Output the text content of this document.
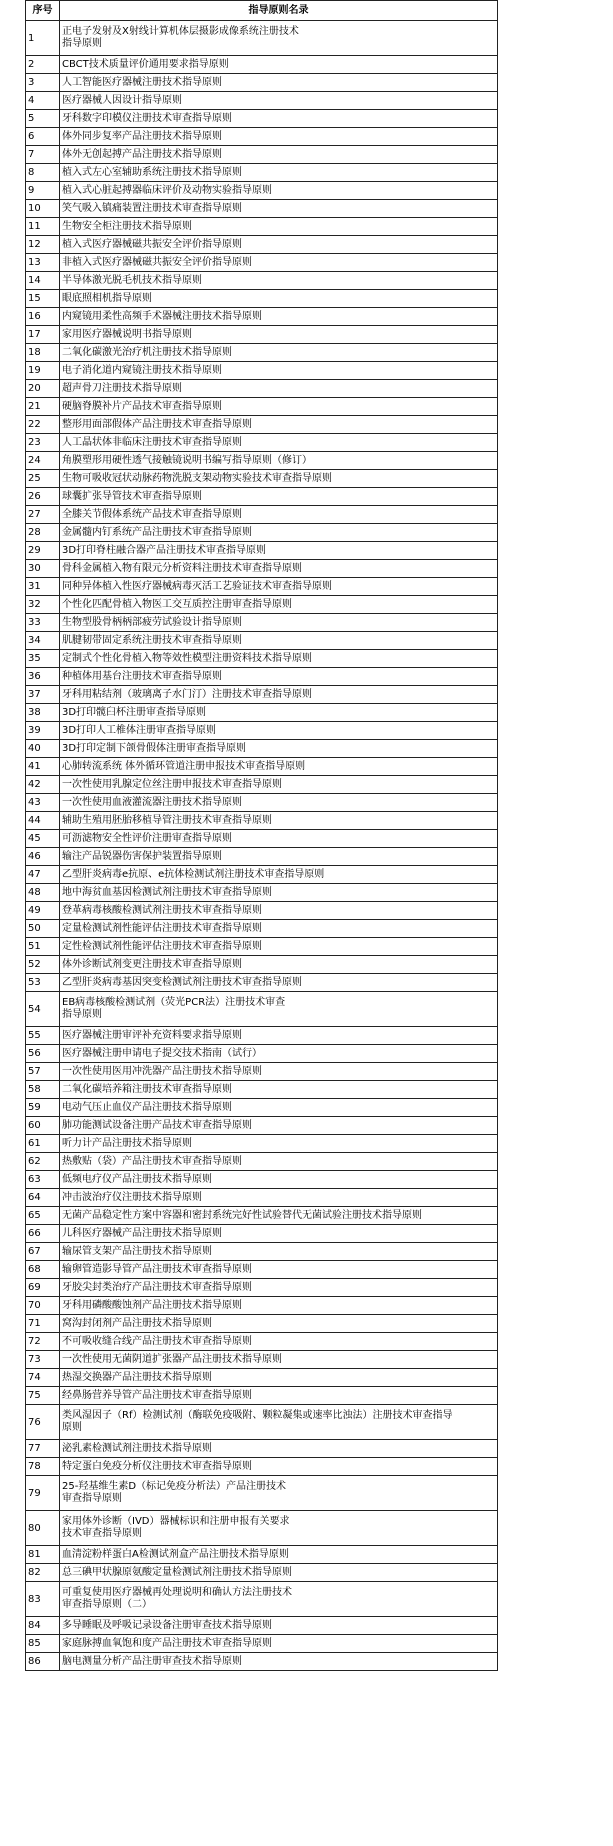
序号	指导原则名录
1	正电子发射及X射线计算机体层摄影成像系统注册技术
指导原则

2	CBCT技术质量评价通用要求指导原则

3	人工智能医疗器械注册技术指导原则

4	医疗器械人因设计指导原则

5	牙科数字印模仪注册技术审查指导原则

6	体外同步复率产品注册技术指导原则

7	体外无创起搏产品注册技术指导原则

8	植入式左心室辅助系统注册技术指导原则

9	植入式心脏起搏器临床评价及动物实验指导原则

10	笑气吸入镇痛装置注册技术审查指导原则

11	生物安全柜注册技术指导原则

12	植入式医疗器械磁共振安全评价指导原则

13	非植入式医疗器械磁共振安全评价指导原则

14	半导体激光脱毛机技术指导原则

15	眼底照相机指导原则

16	内窥镜用柔性高频手术器械注册技术指导原则

17	家用医疗器械说明书指导原则

18	二氧化碳激光治疗机注册技术指导原则

19	电子消化道内窥镜注册技术指导原则

20	超声骨刀注册技术指导原则

21	硬脑脊膜补片产品技术审查指导原则

22	整形用面部假体产品注册技术审查指导原则

23	人工晶状体非临床注册技术审查指导原则

24	角膜塑形用硬性透气接触镜说明书编写指导原则（修订）

25	生物可吸收冠状动脉药物洗脱支架动物实验技术审查指导原则

26	球囊扩张导管技术审查指导原则

27	全膝关节假体系统产品技术审查指导原则

28	金属髓内钉系统产品注册技术审查指导原则

29	3D打印脊柱融合器产品注册技术审查指导原则

30	骨科金属植入物有限元分析资料注册技术审查指导原则

31	同种异体植入性医疗器械病毒灭活工艺验证技术审查指导原则

32	个性化匹配骨植入物医工交互质控注册审查指导原则

33	生物型股骨柄柄部疲劳试验设计指导原则

34	肌腱韧带固定系统注册技术审查指导原则

35	定制式个性化骨植入物等效性模型注册资料技术指导原则

36	种植体用基台注册技术审查指导原则

37	牙科用粘结剂（玻璃离子水门汀）注册技术审查指导原则

38	3D打印髋臼杯注册审查指导原则

39	3D打印人工椎体注册审查指导原则

40	3D打印定制下颌骨假体注册审查指导原则

41	心肺转流系统 体外循环管道注册申报技术审查指导原则

42	一次性使用乳腺定位丝注册申报技术审查指导原则

43	一次性使用血液灌流器注册技术指导原则

44	辅助生殖用胚胎移植导管注册技术审查指导原则

45	可沥滤物安全性评价注册审查指导原则

46	输注产品锐器伤害保护装置指导原则

47	乙型肝炎病毒e抗原、e抗体检测试剂注册技术审查指导原则

48	地中海贫血基因检测试剂注册技术审查指导原则

49	登革病毒核酸检测试剂注册技术审查指导原则

50	定量检测试剂性能评估注册技术审查指导原则

51	定性检测试剂性能评估注册技术审查指导原则

52	体外诊断试剂变更注册技术审查指导原则

53	乙型肝炎病毒基因突变检测试剂注册技术审查指导原则

54	EB病毒核酸检测试剂（荧光PCR法）注册技术审查
指导原则

55	医疗器械注册审评补充资料要求指导原则

56	医疗器械注册申请电子提交技术指南（试行）

57	一次性使用医用冲洗器产品注册技术指导原则

58	二氧化碳培养箱注册技术审查指导原则

59	电动气压止血仪产品注册技术指导原则

60	肺功能测试设备注册产品技术审查指导原则

61	听力计产品注册技术指导原则

62	热敷贴（袋）产品注册技术审查指导原则

63	低频电疗仪产品注册技术指导原则

64	冲击波治疗仪注册技术指导原则

65	无菌产品稳定性方案中容器和密封系统完好性试验替代无菌试验注册技术指导原则

66	儿科医疗器械产品注册技术指导原则

67	输尿管支架产品注册技术指导原则

68	输卵管造影导管产品注册技术审查指导原则

69	牙胶尖封类治疗产品注册技术审查指导原则

70	牙科用磷酸酸蚀剂产品注册技术指导原则

71	窝沟封闭剂产品注册技术指导原则

72	不可吸收缝合线产品注册技术审查指导原则

73	一次性使用无菌阴道扩张器产品注册技术指导原则

74	热湿交换器产品注册技术指导原则

75	经鼻肠营养导管产品注册技术审查指导原则

76	类风湿因子（Rf）检测试剂（酶联免疫吸附、颗粒凝集或速率比浊法）注册技术审查指导
原则

77	泌乳素检测试剂注册技术指导原则

78	特定蛋白免疫分析仪注册技术审查指导原则

79	25-羟基维生素D（标记免疫分析法）产品注册技术
审查指导原则

80	家用体外诊断（IVD）器械标识和注册申报有关要求
技术审查指导原则

81	血清淀粉样蛋白A检测试剂盒产品注册技术指导原则

82	总三碘甲状腺原氨酸定量检测试剂注册技术指导原则

83	可重复使用医疗器械再处理说明和确认方法注册技术
审查指导原则（二）

84	多导睡眠及呼吸记录设备注册审查技术指导原则

85	家庭脉搏血氧饱和度产品注册技术审查指导原则

86	脑电测量分析产品注册审查技术指导原则
